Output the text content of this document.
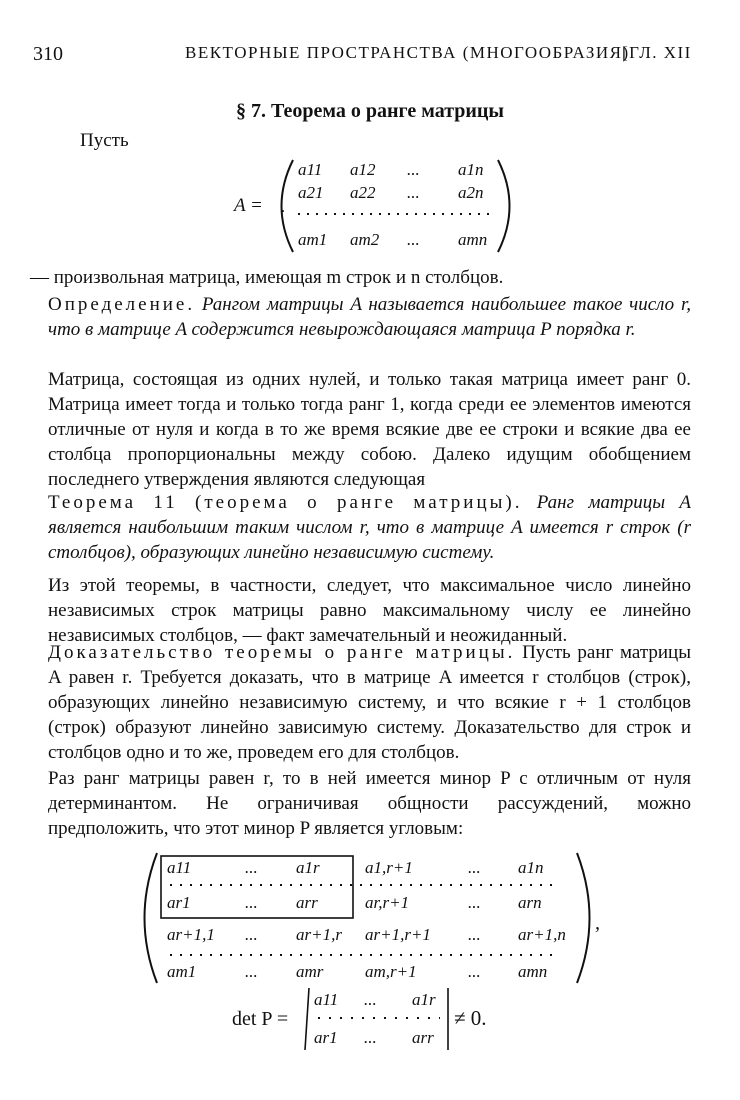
310	ВЕКТОРНЫЕ ПРОСТРАНСТВА (МНОГООБРАЗИЯ)
[ГЛ. XII
§ 7. Теорема о ранге матрицы
Пусть
.
A =
a11 a12 ... a1n
a21 a22 ... a2n
am1 am2 ... amn
— произвольная матрица, имеющая m строк и n столбцов.
Определение. Рангом матрицы A называется наибольшее такое число r, что в матрице A содержится невырождающаяся матрица P порядка r.
Матрица, состоящая из одних нулей, и только такая матрица имеет ранг 0. Матрица имеет тогда и только тогда ранг 1, когда среди ее элементов имеются отличные от нуля и когда в то же время всякие две ее строки и всякие два ее столбца пропорциональны между собою. Далеко идущим обобщением последнего утверждения являются следующая
Теорема 11 (теорема о ранге матрицы). Ранг матрицы A является наибольшим таким числом r, что в матрице A имеется r строк (r столбцов), образующих линейно независимую систему.
Из этой теоремы, в частности, следует, что максимальное число линейно независимых строк матрицы равно максимальному числу ее линейно независимых столбцов, — факт замечательный и неожиданный.
Доказательство теоремы о ранге матрицы. Пусть ранг матрицы A равен r. Требуется доказать, что в матрице A имеется r столбцов (строк), образующих линейно независимую систему, и что всякие r + 1 столбцов (строк) образуют линейно зависимую систему. Доказательство для строк и столбцов одно и то же, проведем его для столбцов.
Раз ранг матрицы равен r, то в ней имеется минор P с отличным от нуля детерминантом. Не ограничивая общности рассуждений, можно предположить, что этот минор P является угловым:
a11	... a1r	a1,r+1	... a1n
ar1	... arr	ar,r+1	... arn
ar+1,1 ... ar+1,r ar+1,r+1 ... ar+1,n
am1	... amr am,r+1	... amn
,
det P =
a11 ... a1r
ar1 ... arr
≠ 0.
